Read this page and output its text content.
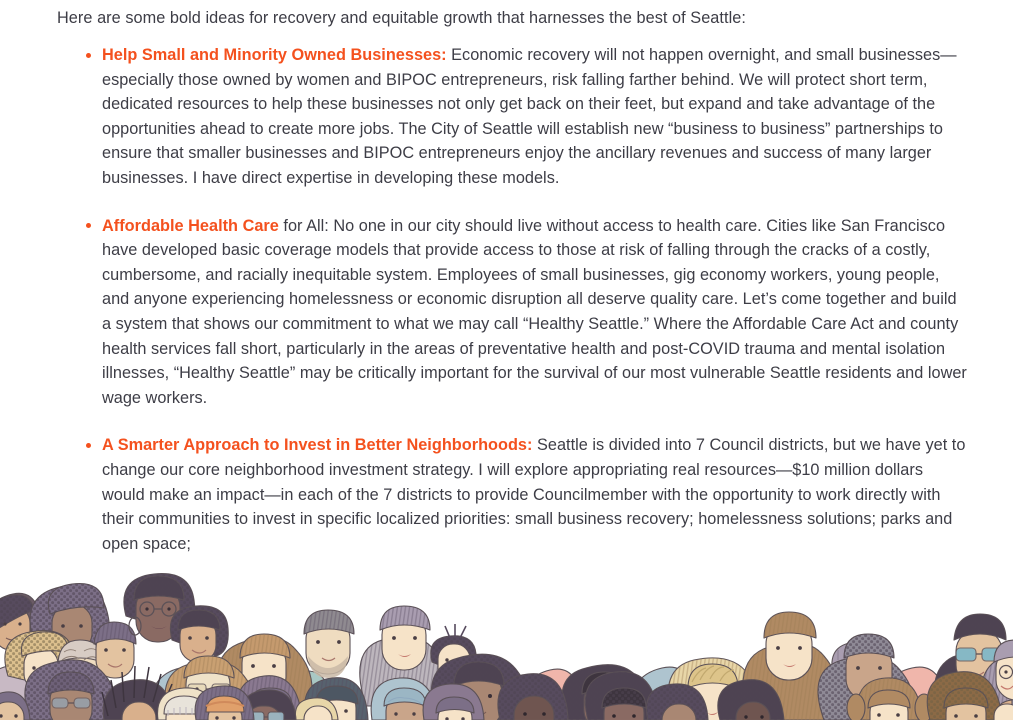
Here are some bold ideas for recovery and equitable growth that harnesses the best of Seattle:

Help Small and Minority Owned Businesses: Economic recovery will not happen overnight, and small businesses—especially those owned by women and BIPOC entrepreneurs, risk falling farther behind. We will protect short term, dedicated resources to help these businesses not only get back on their feet, but expand and take advantage of the opportunities ahead to create more jobs. The City of Seattle will establish new “business to business” partnerships to ensure that smaller businesses and BIPOC entrepreneurs enjoy the ancillary revenues and success of many larger businesses. I have direct expertise in developing these models.
Affordable Health Care for All: No one in our city should live without access to health care. Cities like San Francisco have developed basic coverage models that provide access to those at risk of falling through the cracks of a costly, cumbersome, and racially inequitable system. Employees of small businesses, gig economy workers, young people, and anyone experiencing homelessness or economic disruption all deserve quality care. Let’s come together and build a system that shows our commitment to what we may call “Healthy Seattle.” Where the Affordable Care Act and county health services fall short, particularly in the areas of preventative health and post-COVID trauma and mental isolation illnesses, “Healthy Seattle” may be critically important for the survival of our most vulnerable Seattle residents and lower wage workers.
A Smarter Approach to Invest in Better Neighborhoods: Seattle is divided into 7 Council districts, but we have yet to change our core neighborhood investment strategy. I will explore appropriating real resources—$10 million dollars would make an impact—in each of the 7 districts to provide Councilmember with the opportunity to work directly with their communities to invest in specific localized priorities: small business recovery; homelessness solutions; parks and open space;
